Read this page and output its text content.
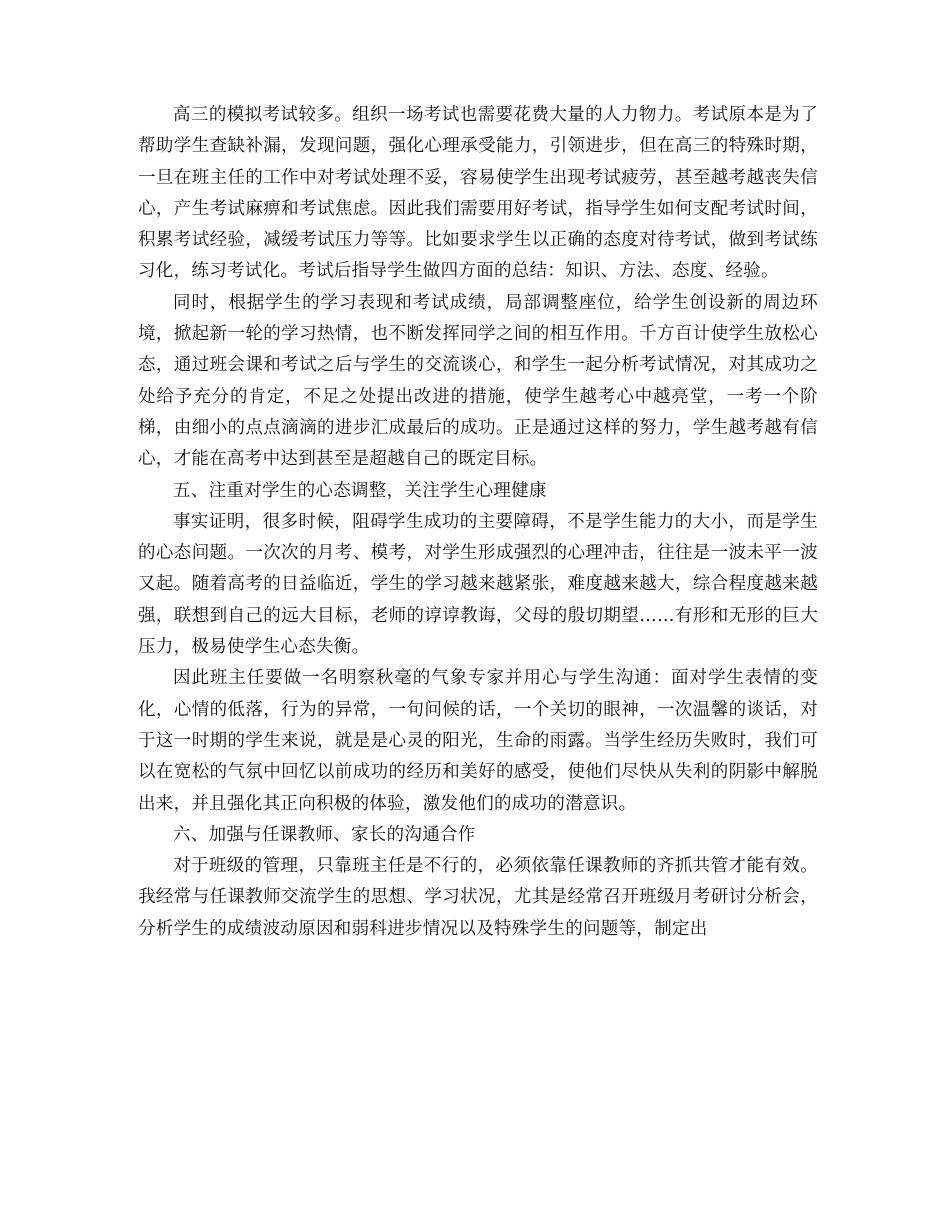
高三的模拟考试较多。组织一场考试也需要花费大量的人力物力。考试原本是为了帮助学生查缺补漏，发现问题，强化心理承受能力，引领进步，但在高三的特殊时期，一旦在班主任的工作中对考试处理不妥，容易使学生出现考试疲劳，甚至越考越丧失信心，产生考试麻痹和考试焦虑。因此我们需要用好考试，指导学生如何支配考试时间，积累考试经验，减缓考试压力等等。比如要求学生以正确的态度对待考试，做到考试练习化，练习考试化。考试后指导学生做四方面的总结：知识、方法、态度、经验。

同时，根据学生的学习表现和考试成绩，局部调整座位，给学生创设新的周边环境，掀起新一轮的学习热情，也不断发挥同学之间的相互作用。千方百计使学生放松心态，通过班会课和考试之后与学生的交流谈心，和学生一起分析考试情况，对其成功之处给予充分的肯定，不足之处提出改进的措施，使学生越考心中越亮堂，一考一个阶梯，由细小的点点滴滴的进步汇成最后的成功。正是通过这样的努力，学生越考越有信心，才能在高考中达到甚至是超越自己的既定目标。

五、注重对学生的心态调整，关注学生心理健康

事实证明，很多时候，阻碍学生成功的主要障碍，不是学生能力的大小，而是学生的心态问题。一次次的月考、模考，对学生形成强烈的心理冲击，往往是一波未平一波又起。随着高考的日益临近，学生的学习越来越紧张，难度越来越大，综合程度越来越强，联想到自己的远大目标，老师的谆谆教诲，父母的殷切期望……有形和无形的巨大压力，极易使学生心态失衡。

因此班主任要做一名明察秋毫的气象专家并用心与学生沟通：面对学生表情的变化，心情的低落，行为的异常，一句问候的话，一个关切的眼神，一次温馨的谈话，对于这一时期的学生来说，就是是心灵的阳光，生命的雨露。当学生经历失败时，我们可以在宽松的气氛中回忆以前成功的经历和美好的感受，使他们尽快从失利的阴影中解脱出来，并且强化其正向积极的体验，激发他们的成功的潜意识。

六、加强与任课教师、家长的沟通合作

对于班级的管理，只靠班主任是不行的，必须依靠任课教师的齐抓共管才能有效。我经常与任课教师交流学生的思想、学习状况，尤其是经常召开班级月考研讨分析会，分析学生的成绩波动原因和弱科进步情况以及特殊学生的问题等，制定出
